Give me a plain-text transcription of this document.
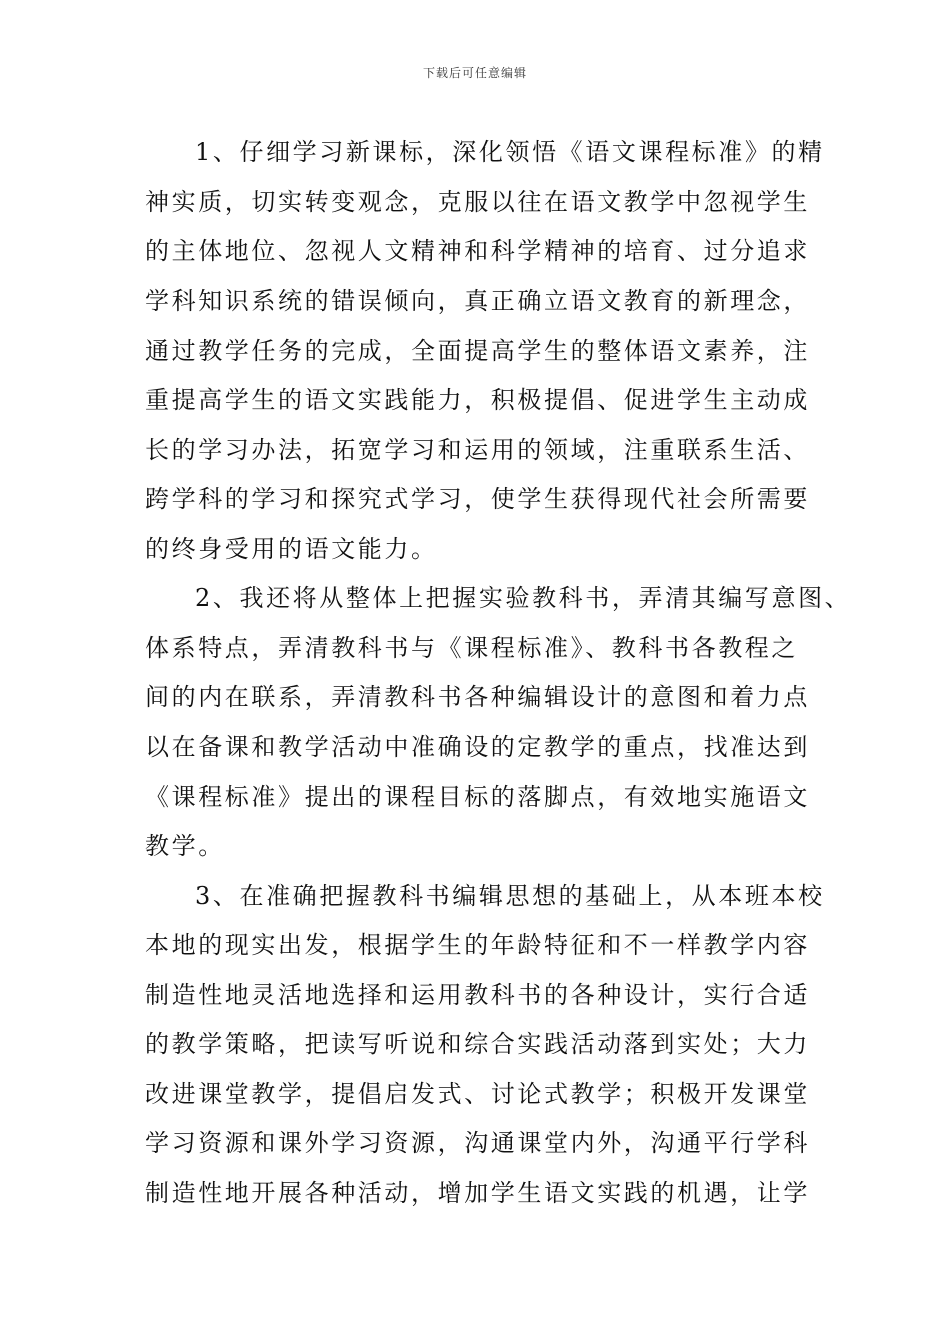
下载后可任意编辑
1、仔细学习新课标，深化领悟《语文课程标准》的精
神实质，切实转变观念，克服以往在语文教学中忽视学生
的主体地位、忽视人文精神和科学精神的培育、过分追求
学科知识系统的错误倾向，真正确立语文教育的新理念，
通过教学任务的完成，全面提高学生的整体语文素养，注
重提高学生的语文实践能力，积极提倡、促进学生主动成
长的学习办法，拓宽学习和运用的领域，注重联系生活、
跨学科的学习和探究式学习，使学生获得现代社会所需要
的终身受用的语文能力。
2、我还将从整体上把握实验教科书，弄清其编写意图、
体系特点，弄清教科书与《课程标准》、教科书各教程之
间的内在联系，弄清教科书各种编辑设计的意图和着力点
以在备课和教学活动中准确设的定教学的重点，找准达到
《课程标准》提出的课程目标的落脚点，有效地实施语文
教学。
3、在准确把握教科书编辑思想的基础上，从本班本校
本地的现实出发，根据学生的年龄特征和不一样教学内容
制造性地灵活地选择和运用教科书的各种设计，实行合适
的教学策略，把读写听说和综合实践活动落到实处；大力
改进课堂教学，提倡启发式、讨论式教学；积极开发课堂
学习资源和课外学习资源，沟通课堂内外，沟通平行学科
制造性地开展各种活动，增加学生语文实践的机遇，让学
